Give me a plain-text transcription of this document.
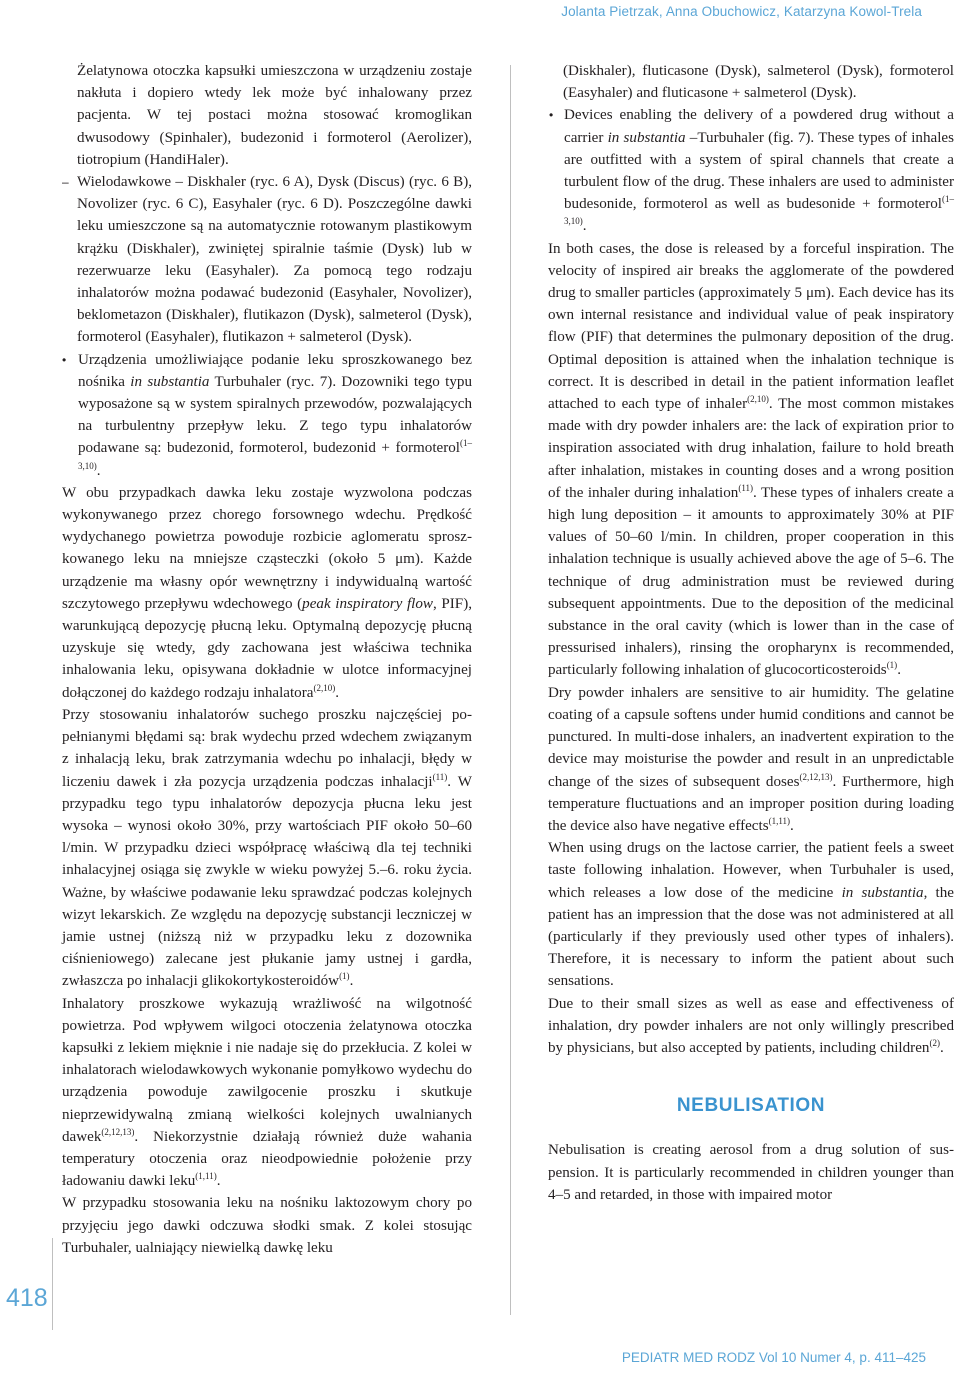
Jolanta Pietrzak, Anna Obuchowicz, Katarzyna Kowol-Trela
418

Żelatynowa otoczka kapsułki umieszczona w urządzeniu zostaje nakłuta i dopiero wtedy lek może być inhalowany przez pacjenta. W tej postaci można stosować kromoglikan dwusodowy (Spinhaler), budezonid i formoterol (Aerolizer), tiotropium (HandiHaler).

– Wielodawkowe – Diskhaler (ryc. 6 A), Dysk (Discus) (ryc. 6 B), Novolizer (ryc. 6 C), Easyhaler (ryc. 6 D). Poszczególne dawki leku umieszczone są na automatycznie rotowanym plastikowym krążku (Diskhaler), zwiniętej spiralnie taśmie (Dysk) lub w rezerwuarze leku (Easyhaler). Za pomocą tego rodzaju inhalatorów można podawać budezonid (Easyhaler, Novolizer), beklometazon (Diskhaler), flutikazon (Dysk), salmeterol (Dysk), formoterol (Easyhaler), flutikazon + salmeterol (Dysk).

• Urządzenia umożliwiające podanie leku sproszkowanego bez nośnika in substantia Turbuhaler (ryc. 7). Dozowniki tego typu wyposażone są w system spiralnych przewodów, pozwalających na turbulentny przepływ leku. Z tego typu inhalatorów podawane są: budezonid, formoterol, budezonid + formoterol$^{(1-3,10)}$.

W obu przypadkach dawka leku zostaje wyzwolona podczas wykonywanego przez chorego forsownego wdechu. Prędkość wydychanego powietrza powoduje rozbicie aglomeratu sproszkowanego leku na mniejsze cząsteczki (około 5 μm). Każde urządzenie ma własny opór wewnętrzny i indywidualną wartość szczytowego przepływu wdechowego (peak inspiratory flow, PIF), warunkującą depozycję płucną leku. Optymalną depozycję płucną uzyskuje się wtedy, gdy zachowana jest właściwa technika inhalowania leku, opisywana dokładnie w ulotce informacyjnej dołączonej do każdego rodzaju inhalatora$^{(2,10)}$.

Przy stosowaniu inhalatorów suchego proszku najczęściej popełnianymi błędami są: brak wydechu przed wdechem związanym z inhalacją leku, brak zatrzymania wdechu po inhalacji, błędy w liczeniu dawek i zła pozycja urządzenia podczas inhalacji$^{(11)}$. W przypadku tego typu inhalatorów depozycja płucna leku jest wysoka – wynosi około 30%, przy wartościach PIF około 50–60 l/min. W przypadku dzieci współpracę właściwą dla tej techniki inhalacyjnej osiąga się zwykle w wieku powyżej 5.–6. roku życia. Ważne, by właściwe podawanie leku sprawdzać podczas kolejnych wizyt lekarskich. Ze względu na depozycję substancji leczniczej w jamie ustnej (niższą niż w przypadku leku z dozownika ciśnieniowego) zalecane jest płukanie jamy ustnej i gardła, zwłaszcza po inhalacji glikokortykosteroidów$^{(1)}$.

Inhalatory proszkowe wykazują wrażliwość na wilgotność powietrza. Pod wpływem wilgoci otoczenia żelatynowa otoczka kapsułki z lekiem mięknie i nie nadaje się do przekłucia. Z kolei w inhalatorach wielodawkowych wykonanie pomyłkowo wydechu do urządzenia powoduje zawilgocenie proszku i skutkuje nieprzewidywalną zmianą wielkości kolejnych uwalnianych dawek$^{(2,12,13)}$. Niekorzystnie działają również duże wahania temperatury otoczenia oraz nieodpowiednie położenie przy ładowaniu dawki leku$^{(1,11)}$.

W przypadku stosowania leku na nośniku laktozowym chory po przyjęciu jego dawki odczuwa słodki smak. Z kolei stosując Turbuhaler, ualniający niewielką dawkę leku

(Diskhaler), fluticasone (Dysk), salmeterol (Dysk), formoterol (Easyhaler) and fluticasone + salmeterol (Dysk).

• Devices enabling the delivery of a powdered drug without a carrier in substantia –Turbuhaler (fig. 7). These types of inhales are outfitted with a system of spiral channels that create a turbulent flow of the drug. These inhalers are used to administer budesonide, formoterol as well as budesonide + formoterol$^{(1-3,10)}$.

In both cases, the dose is released by a forceful inspiration. The velocity of inspired air breaks the agglomerate of the powdered drug to smaller particles (approximately 5 μm). Each device has its own internal resistance and individual value of peak inspiratory flow (PIF) that determines the pulmonary deposition of the drug. Optimal deposition is attained when the inhalation technique is correct. It is described in detail in the patient information leaflet attached to each type of inhaler$^{(2,10)}$. The most common mistakes made with dry powder inhalers are: the lack of expiration prior to inspiration associated with drug inhalation, failure to hold breath after inhalation, mistakes in counting doses and a wrong position of the inhaler during inhalation$^{(11)}$. These types of inhalers create a high lung deposition – it amounts to approximately 30% at PIF values of 50–60 l/min. In children, proper cooperation in this inhalation technique is usually achieved above the age of 5–6. The technique of drug administration must be reviewed during subsequent appointments. Due to the deposition of the medicinal substance in the oral cavity (which is lower than in the case of pressurised inhalers), rinsing the oropharynx is recommended, particularly following inhalation of glucocorticosteroids$^{(1)}$.

Dry powder inhalers are sensitive to air humidity. The gelatine coating of a capsule softens under humid conditions and cannot be punctured. In multi-dose inhalers, an inadvertent expiration to the device may moisturise the powder and result in an unpredictable change of the sizes of subsequent doses$^{(2,12,13)}$. Furthermore, high temperature fluctuations and an improper position during loading the device also have negative effects$^{(1,11)}$.

When using drugs on the lactose carrier, the patient feels a sweet taste following inhalation. However, when Turbuhaler is used, which releases a low dose of the medicine in substantia, the patient has an impression that the dose was not administered at all (particularly if they previously used other types of inhalers). Therefore, it is necessary to inform the patient about such sensations.

Due to their small sizes as well as ease and effectiveness of inhalation, dry powder inhalers are not only willingly prescribed by physicians, but also accepted by patients, including children$^{(2)}$.

NEBULISATION

Nebulisation is creating aerosol from a drug solution of suspension. It is particularly recommended in children younger than 4–5 and retarded, in those with impaired motor

PEDIATR MED RODZ Vol 10 Numer 4, p. 411–425
